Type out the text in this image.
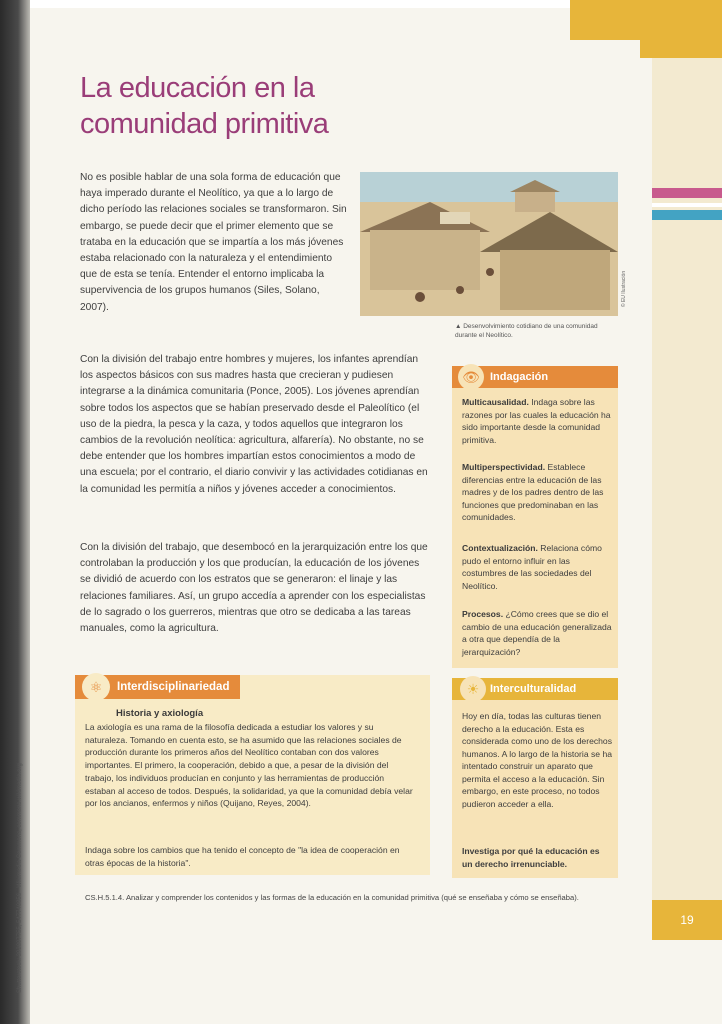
Shutterstock: 392807755, 547740856 · Wikimedia Commons, commons.wikimedia.org	19
La educación en la comunidad primitiva

No es posible hablar de una sola forma de educación que haya imperado durante el Neolítico, ya que a lo largo de dicho período las relaciones sociales se transformaron. Sin embargo, se puede decir que el primer elemento que se trataba en la educación que se impartía a los más jóvenes estaba relacionado con la naturaleza y el entendimiento que de esta se tenía. Entender el entorno implicaba la supervivencia de los grupos humanos (Siles, Solano, 2007).

© EU Ilustración

▲ Desenvolvimiento cotidiano de una comunidad durante el Neolítico.

Con la división del trabajo entre hombres y mujeres, los infantes aprendían los aspectos básicos con sus madres hasta que crecieran y pudiesen integrarse a la dinámica comunitaria (Ponce, 2005). Los jóvenes aprendían sobre todos los aspectos que se habían preservado desde el Paleolítico (el uso de la piedra, la pesca y la caza, y todos aquellos que integraron los cambios de la revolución neolítica: agricultura, alfarería). No obstante, no se debe entender que los hombres impartían estos conocimientos a modo de una escuela; por el contrario, el diario convivir y las actividades cotidianas en la comunidad les permitía a niños y jóvenes acceder a conocimientos.

Con la división del trabajo, que desembocó en la jerarquización entre los que controlaban la producción y los que producían, la educación de los jóvenes se dividió de acuerdo con los estratos que se generaron: el linaje y las relaciones familiares. Así, un grupo accedía a aprender con los especialistas de lo sagrado o los guerreros, mientras que otro se dedicaba a las tareas manuales, como la agricultura.

Indagación
👁

Multicausalidad. Indaga sobre las razones por las cuales la educación ha sido importante desde la comunidad primitiva.

Multiperspectividad. Establece diferencias entre la educación de las madres y de los padres dentro de las funciones que predominaban en las comunidades.

Contextualización. Relaciona cómo pudo el entorno influir en las costumbres de las sociedades del Neolítico.

Procesos. ¿Cómo crees que se dio el cambio de una educación generalizada a otra que dependía de la jerarquización?

Interculturalidad
☀

Hoy en día, todas las culturas tienen derecho a la educación. Esta es considerada como uno de los derechos humanos. A lo largo de la historia se ha intentado construir un aparato que permita el acceso a la educación. Sin embargo, en este proceso, no todos pudieron acceder a ella.

Investiga por qué la educación es un derecho irrenunciable.

Interdisciplinariedad
⚛

Historia y axiología

La axiología es una rama de la filosofía dedicada a estudiar los valores y su naturaleza. Tomando en cuenta esto, se ha asumido que las relaciones sociales de producción durante los primeros años del Neolítico contaban con dos valores importantes. El primero, la cooperación, debido a que, a pesar de la división del trabajo, los individuos producían en conjunto y las herramientas de producción estaban al acceso de todos. Después, la solidaridad, ya que la comunidad debía velar por los ancianos, enfermos y niños (Quijano, Reyes, 2004).

Indaga sobre los cambios que ha tenido el concepto de "la idea de cooperación en otras épocas de la historia".

CS.H.5.1.4. Analizar y comprender los contenidos y las formas de la educación en la comunidad primitiva (qué se enseñaba y cómo se enseñaba).
